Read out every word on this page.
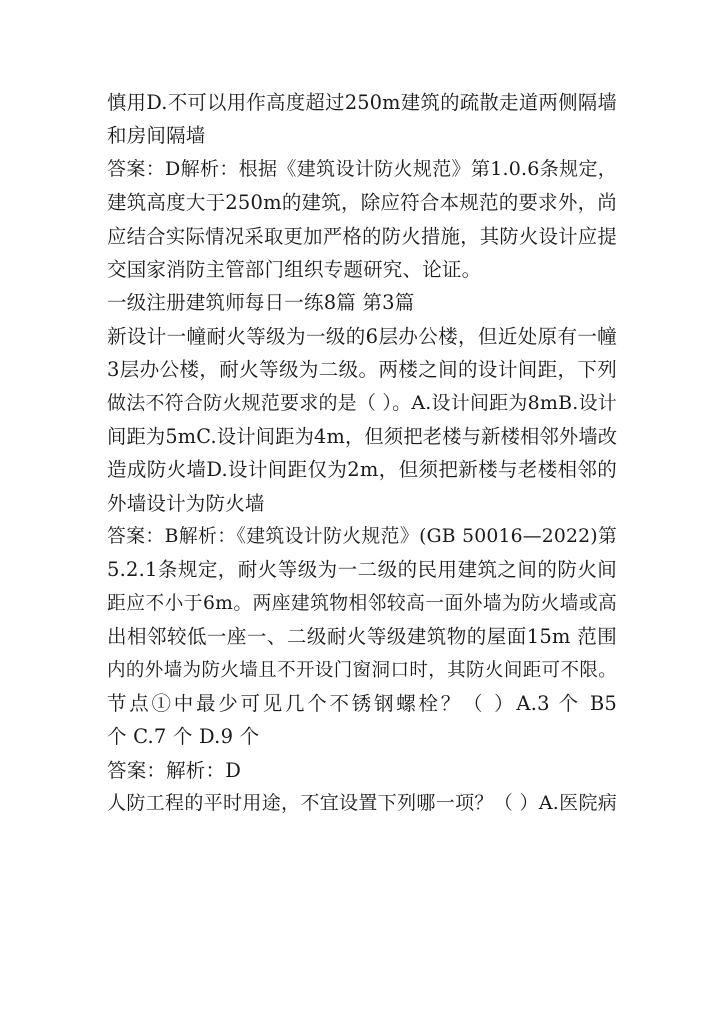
慎用D.不可以用作高度超过250m建筑的疏散走道两侧隔墙
和房间隔墙
答案：D解析：根据《建筑设计防火规范》第1.0.6条规定，
建筑高度大于250m的建筑，除应符合本规范的要求外，尚
应结合实际情况采取更加严格的防火措施，其防火设计应提
交国家消防主管部门组织专题研究、论证。
一级注册建筑师每日一练8篇 第3篇
新设计一幢耐火等级为一级的6层办公楼，但近处原有一幢
3层办公楼，耐火等级为二级。两楼之间的设计间距，下列
做法不符合防火规范要求的是（ ）。A.设计间距为8mB.设计
间距为5mC.设计间距为4m，但须把老楼与新楼相邻外墙改
造成防火墙D.设计间距仅为2m，但须把新楼与老楼相邻的
外墙设计为防火墙
答案：B解析：《建筑设计防火规范》(GB 50016—2022)第
5.2.1条规定，耐火等级为一二级的民用建筑之间的防火间
距应不小于6m。两座建筑物相邻较高一面外墙为防火墙或高
出相邻较低一座一、二级耐火等级建筑物的屋面15m 范围
内的外墙为防火墙且不开设门窗洞口时，其防火间距可不限。
节点①中最少可见几个不锈钢螺栓？（ ）A.3 个 B5
个 C.7 个 D.9 个
答案：解析：D
人防工程的平时用途，不宜设置下列哪一项？（ ）A.医院病
